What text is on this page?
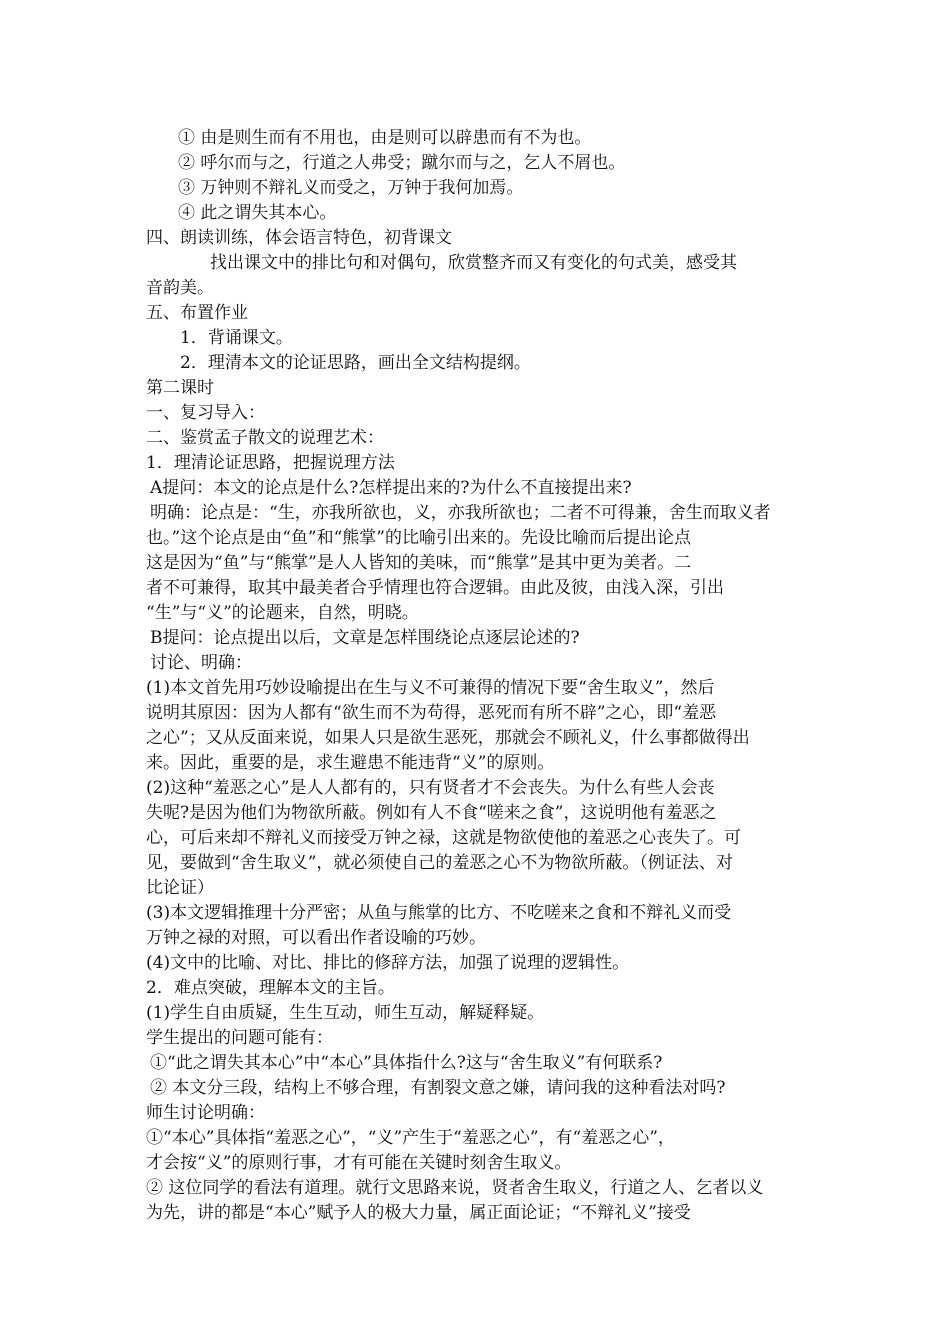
① 由是则生而有不用也，由是则可以辟患而有不为也。
② 呼尔而与之，行道之人弗受；蹴尔而与之，乞人不屑也。
③ 万钟则不辩礼义而受之，万钟于我何加焉。
④ 此之谓失其本心。
四、朗读训练，体会语言特色，初背课文
找出课文中的排比句和对偶句，欣赏整齐而又有变化的句式美，感受其
音韵美。
五、布置作业
1．背诵课文。
2．理清本文的论证思路，画出全文结构提纲。
第二课时
一、复习导入：
二、鉴赏孟子散文的说理艺术：
1．理清论证思路，把握说理方法
A提问：本文的论点是什么?怎样提出来的?为什么不直接提出来?
明确：论点是：“生，亦我所欲也，义，亦我所欲也；二者不可得兼，舍生而取义者
也。”这个论点是由“鱼”和“熊掌”的比喻引出来的。先设比喻而后提出论点
这是因为“鱼”与“熊掌”是人人皆知的美味，而“熊掌”是其中更为美者。二
者不可兼得，取其中最美者合乎情理也符合逻辑。由此及彼，由浅入深，引出
“生”与“义”的论题来，自然，明晓。
B提问：论点提出以后，文章是怎样围绕论点逐层论述的?
讨论、明确：
(1)本文首先用巧妙设喻提出在生与义不可兼得的情况下要“舍生取义”，然后
说明其原因：因为人都有“欲生而不为苟得，恶死而有所不辟”之心，即“羞恶
之心”；又从反面来说，如果人只是欲生恶死，那就会不顾礼义，什么事都做得出
来。因此，重要的是，求生避患不能违背“义”的原则。
(2)这种“羞恶之心”是人人都有的，只有贤者才不会丧失。为什么有些人会丧
失呢?是因为他们为物欲所蔽。例如有人不食“嗟来之食”，这说明他有羞恶之
心，可后来却不辩礼义而接受万钟之禄，这就是物欲使他的羞恶之心丧失了。可
见，要做到“舍生取义”，就必须使自己的羞恶之心不为物欲所蔽。（例证法、对
比论证）
(3)本文逻辑推理十分严密；从鱼与熊掌的比方、不吃嗟来之食和不辩礼义而受
万钟之禄的对照，可以看出作者设喻的巧妙。
(4)文中的比喻、对比、排比的修辞方法，加强了说理的逻辑性。
2．难点突破，理解本文的主旨。
(1)学生自由质疑，生生互动，师生互动，解疑释疑。
学生提出的问题可能有：
①“此之谓失其本心”中“本心”具体指什么?这与“舍生取义”有何联系?
② 本文分三段，结构上不够合理，有割裂文意之嫌，请问我的这种看法对吗?
师生讨论明确：
①“本心”具体指“羞恶之心”，“义”产生于“羞恶之心”，有“羞恶之心”，
才会按“义”的原则行事，才有可能在关键时刻舍生取义。
② 这位同学的看法有道理。就行文思路来说，贤者舍生取义，行道之人、乞者以义
为先，讲的都是“本心”赋予人的极大力量，属正面论证；“不辩礼义”接受
